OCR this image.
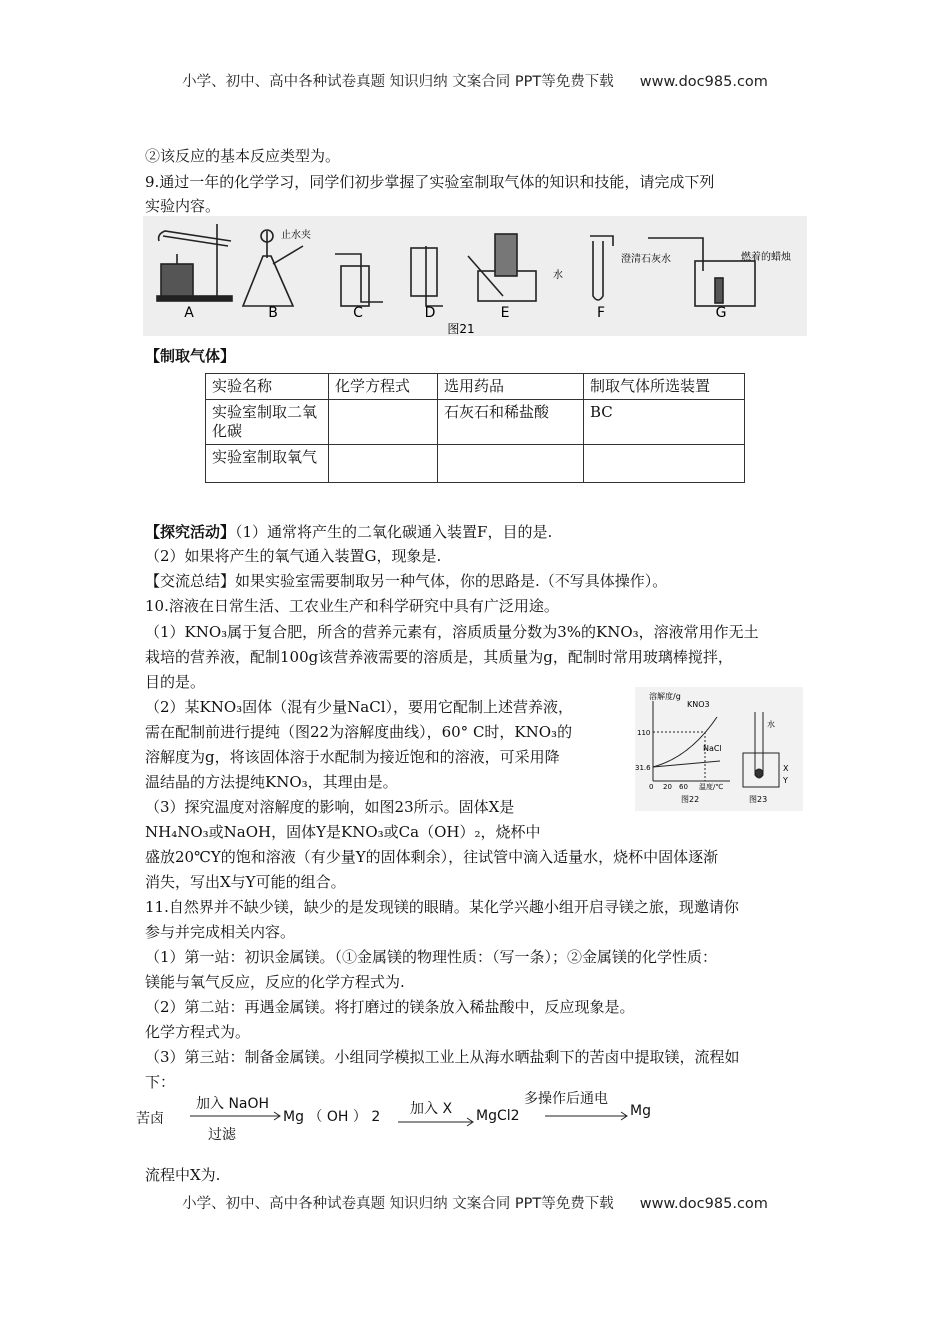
小学、初中、高中各种试卷真题 知识归纳 文案合同 PPT等免费下载 www.doc985.com
②该反应的基本反应类型为。
9.通过一年的化学学习，同学们初步掌握了实验室制取气体的知识和技能，请完成下列
实验内容。
A	B	C	D	E	F	G
图21
止水夹
水
澄清石灰水	燃着的蜡烛
【制取气体】
实验名称	化学方程式	选用药品	制取气体所选装置
实验室制取二氧化碳		石灰石和稀盐酸	BC
实验室制取氧气			
【探究活动】（1）通常将产生的二氧化碳通入装置F，目的是.
（2）如果将产生的氧气通入装置G，现象是.
【交流总结】如果实验室需要制取另一种气体，你的思路是.（不写具体操作）。
10.溶液在日常生活、工农业生产和科学研究中具有广泛用途。
（1）KNO₃属于复合肥，所含的营养元素有，溶质质量分数为3%的KNO₃，溶液常用作无土
栽培的营养液，配制100g该营养液需要的溶质是，其质量为g，配制时常用玻璃棒搅拌，
目的是。
（2）某KNO₃固体（混有少量NaCl），要用它配制上述营养液，
需在配制前进行提纯（图22为溶解度曲线），60° C时，KNO₃的
溶解度为g，将该固体溶于水配制为接近饱和的溶液，可采用降
温结晶的方法提纯KNO₃，其理由是。
（3）探究温度对溶解度的影响，如图23所示。固体X是
NH₄NO₃或NaOH，固体Y是KNO₃或Ca（OH）₂，烧杯中
盛放20℃Y的饱和溶液（有少量Y的固体剩余），往试管中滴入适量水，烧杯中固体逐渐
消失，写出X与Y可能的组合。
溶解度/g
KNO3
NaCl
110
31.6
0 20 60 温度/℃
图22
水
X
Y
图23
11.自然界并不缺少镁，缺少的是发现镁的眼睛。某化学兴趣小组开启寻镁之旅，现邀请你
参与并完成相关内容。
（1）第一站：初识金属镁。（①金属镁的物理性质：（写一条）；②金属镁的化学性质：
镁能与氧气反应，反应的化学方程式为.
（2）第二站：再遇金属镁。将打磨过的镁条放入稀盐酸中，反应现象是。
化学方程式为。
（3）第三站：制备金属镁。小组同学模拟工业上从海水晒盐剩下的苦卤中提取镁，流程如
下：
苦卤
加入 NaOH
过滤
Mg （ OH ） 2 加入 X MgCl2
多操作后通电
Mg
流程中X为.
小学、初中、高中各种试卷真题 知识归纳 文案合同 PPT等免费下载 www.doc985.com
